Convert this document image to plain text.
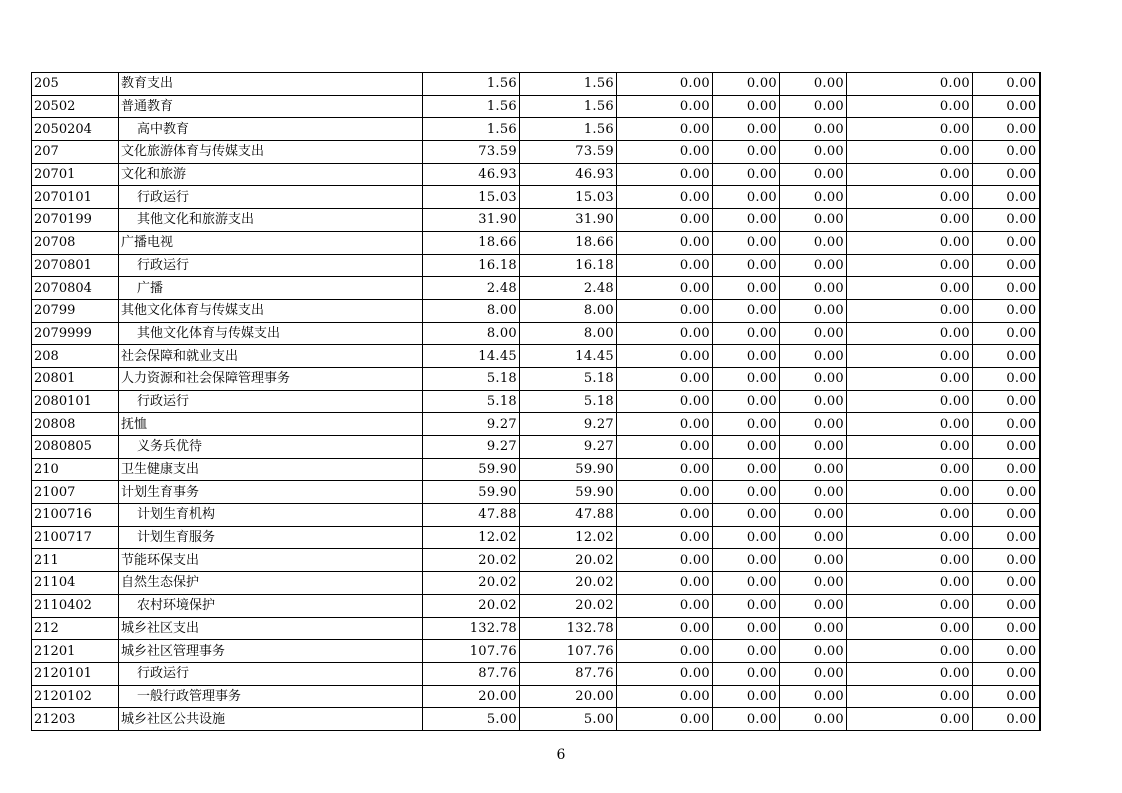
205	教育支出	1.56	1.56	0.00	0.00	0.00	0.00	0.00
20502	普通教育	1.56	1.56	0.00	0.00	0.00	0.00	0.00
2050204	高中教育	1.56	1.56	0.00	0.00	0.00	0.00	0.00
207	文化旅游体育与传媒支出	73.59	73.59	0.00	0.00	0.00	0.00	0.00
20701	文化和旅游	46.93	46.93	0.00	0.00	0.00	0.00	0.00
2070101	行政运行	15.03	15.03	0.00	0.00	0.00	0.00	0.00
2070199	其他文化和旅游支出	31.90	31.90	0.00	0.00	0.00	0.00	0.00
20708	广播电视	18.66	18.66	0.00	0.00	0.00	0.00	0.00
2070801	行政运行	16.18	16.18	0.00	0.00	0.00	0.00	0.00
2070804	广播	2.48	2.48	0.00	0.00	0.00	0.00	0.00
20799	其他文化体育与传媒支出	8.00	8.00	0.00	0.00	0.00	0.00	0.00
2079999	其他文化体育与传媒支出	8.00	8.00	0.00	0.00	0.00	0.00	0.00
208	社会保障和就业支出	14.45	14.45	0.00	0.00	0.00	0.00	0.00
20801	人力资源和社会保障管理事务	5.18	5.18	0.00	0.00	0.00	0.00	0.00
2080101	行政运行	5.18	5.18	0.00	0.00	0.00	0.00	0.00
20808	抚恤	9.27	9.27	0.00	0.00	0.00	0.00	0.00
2080805	义务兵优待	9.27	9.27	0.00	0.00	0.00	0.00	0.00
210	卫生健康支出	59.90	59.90	0.00	0.00	0.00	0.00	0.00
21007	计划生育事务	59.90	59.90	0.00	0.00	0.00	0.00	0.00
2100716	计划生育机构	47.88	47.88	0.00	0.00	0.00	0.00	0.00
2100717	计划生育服务	12.02	12.02	0.00	0.00	0.00	0.00	0.00
211	节能环保支出	20.02	20.02	0.00	0.00	0.00	0.00	0.00
21104	自然生态保护	20.02	20.02	0.00	0.00	0.00	0.00	0.00
2110402	农村环境保护	20.02	20.02	0.00	0.00	0.00	0.00	0.00
212	城乡社区支出	132.78	132.78	0.00	0.00	0.00	0.00	0.00
21201	城乡社区管理事务	107.76	107.76	0.00	0.00	0.00	0.00	0.00
2120101	行政运行	87.76	87.76	0.00	0.00	0.00	0.00	0.00
2120102	一般行政管理事务	20.00	20.00	0.00	0.00	0.00	0.00	0.00
21203	城乡社区公共设施	5.00	5.00	0.00	0.00	0.00	0.00	0.00
6
